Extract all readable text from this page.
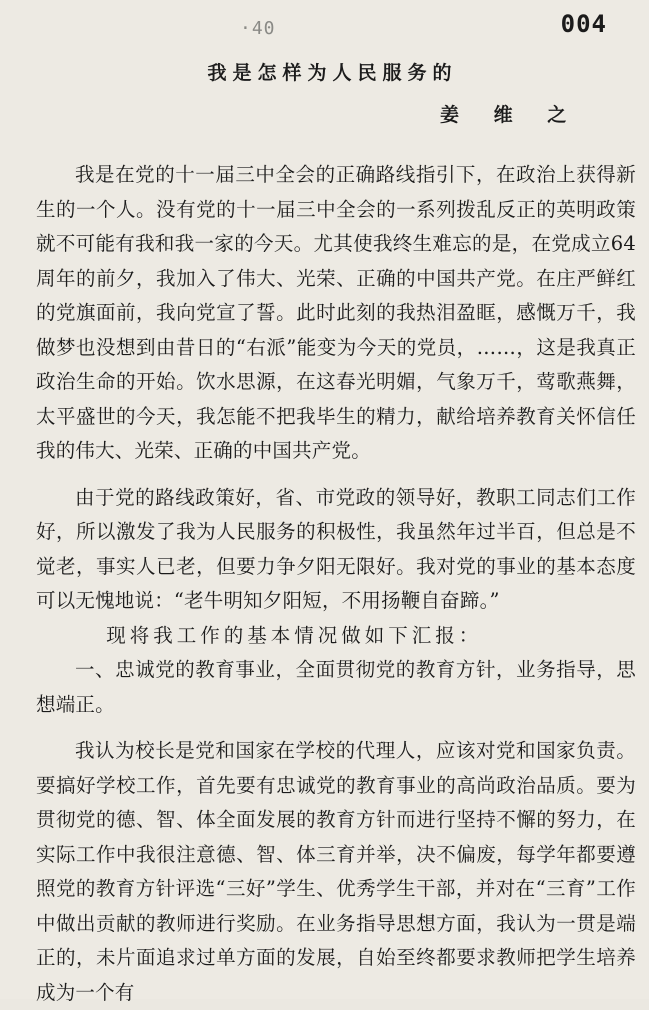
·40	004
我是怎样为人民服务的
姜 维 之

我是在党的十一届三中全会的正确路线指引下，在政治上获得新生的一个人。没有党的十一届三中全会的一系列拨乱反正的英明政策就不可能有我和我一家的今天。尤其使我终生难忘的是，在党成立64周年的前夕，我加入了伟大、光荣、正确的中国共产党。在庄严鲜红的党旗面前，我向党宣了誓。此时此刻的我热泪盈眶，感慨万千，我做梦也没想到由昔日的“右派”能变为今天的党员，……，这是我真正政治生命的开始。饮水思源，在这春光明媚，气象万千，莺歌燕舞，太平盛世的今天，我怎能不把我毕生的精力，献给培养教育关怀信任我的伟大、光荣、正确的中国共产党。

由于党的路线政策好，省、市党政的领导好，教职工同志们工作好，所以激发了我为人民服务的积极性，我虽然年过半百，但总是不觉老，事实人已老，但要力争夕阳无限好。我对党的事业的基本态度可以无愧地说：“老牛明知夕阳短，不用扬鞭自奋蹄。”

现将我工作的基本情况做如下汇报：

一、忠诚党的教育事业，全面贯彻党的教育方针，业务指导，思想端正。

我认为校长是党和国家在学校的代理人，应该对党和国家负责。要搞好学校工作，首先要有忠诚党的教育事业的高尚政治品质。要为贯彻党的德、智、体全面发展的教育方针而进行坚持不懈的努力，在实际工作中我很注意德、智、体三育并举，决不偏废，每学年都要遵照党的教育方针评选“三好”学生、优秀学生干部，并对在“三育”工作中做出贡献的教师进行奖励。在业务指导思想方面，我认为一贯是端正的，未片面追求过单方面的发展，自始至终都要求教师把学生培养成为一个有
